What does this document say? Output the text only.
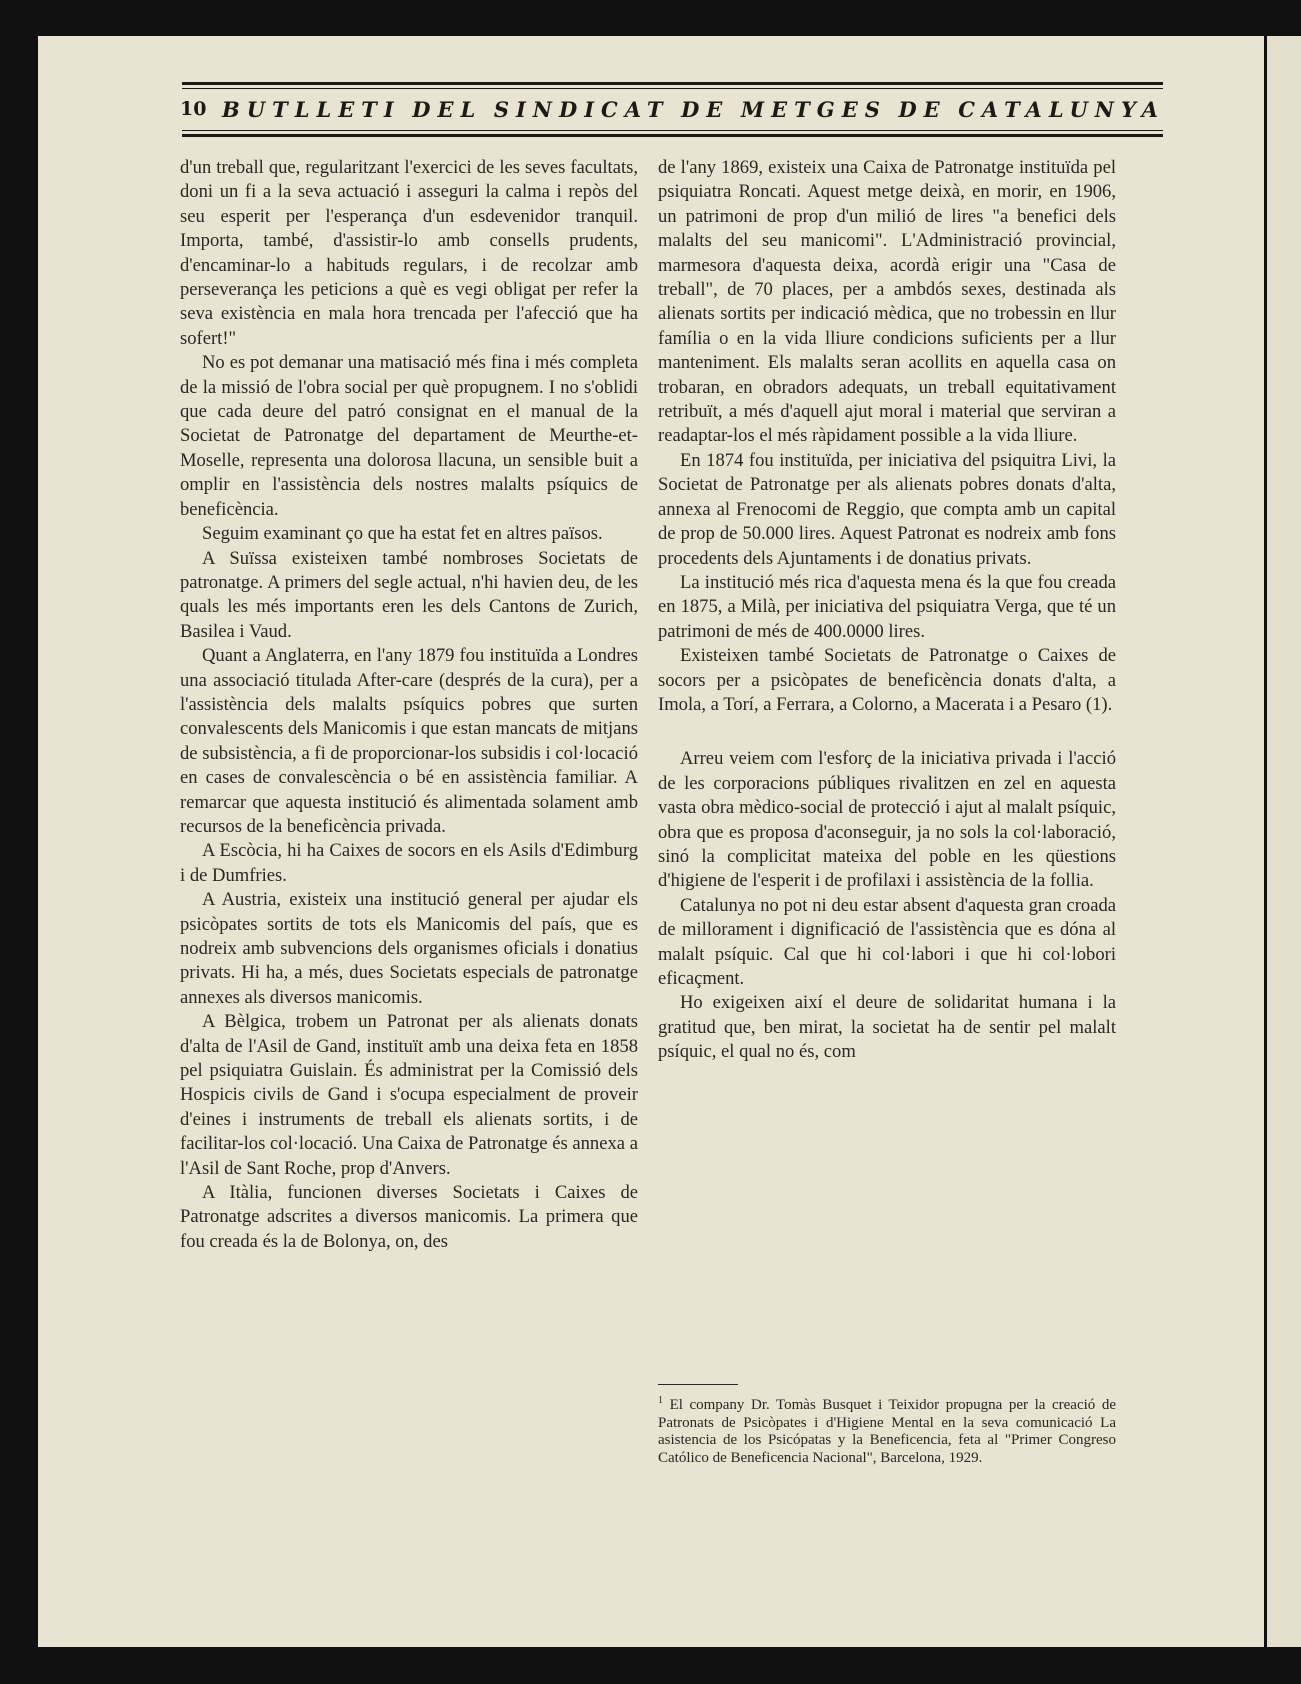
10 BUTLLETI DEL SINDICAT DE METGES DE CATALUNYA

d'un treball que, regularitzant l'exercici de les seves facultats, doni un fi a la seva actuació i asseguri la calma i repòs del seu esperit per l'esperança d'un esdevenidor tranquil. Importa, també, d'assistir-lo amb consells prudents, d'encaminar-lo a habituds regulars, i de recolzar amb perseverança les peticions a què es vegi obligat per refer la seva existència en mala hora trencada per l'afecció que ha sofert!"

No es pot demanar una matisació més fina i més completa de la missió de l'obra social per què propugnem. I no s'oblidi que cada deure del patró consignat en el manual de la Societat de Patronatge del departament de Meurthe-et-Moselle, representa una dolorosa llacuna, un sensible buit a omplir en l'assistència dels nostres malalts psíquics de beneficència.

Seguim examinant ço que ha estat fet en altres països.

A Suïssa existeixen també nombroses Societats de patronatge. A primers del segle actual, n'hi havien deu, de les quals les més importants eren les dels Cantons de Zurich, Basilea i Vaud.

Quant a Anglaterra, en l'any 1879 fou instituïda a Londres una associació titulada After-care (després de la cura), per a l'assistència dels malalts psíquics pobres que surten convalescents dels Manicomis i que estan mancats de mitjans de subsistència, a fi de proporcionar-los subsidis i col·locació en cases de convalescència o bé en assistència familiar. A remarcar que aquesta institució és alimentada solament amb recursos de la beneficència privada.

A Escòcia, hi ha Caixes de socors en els Asils d'Edimburg i de Dumfries.

A Austria, existeix una institució general per ajudar els psicòpates sortits de tots els Manicomis del país, que es nodreix amb subvencions dels organismes oficials i donatius privats. Hi ha, a més, dues Societats especials de patronatge annexes als diversos manicomis.

A Bèlgica, trobem un Patronat per als alienats donats d'alta de l'Asil de Gand, instituït amb una deixa feta en 1858 pel psiquiatra Guislain. És administrat per la Comissió dels Hospicis civils de Gand i s'ocupa especialment de proveir d'eines i instruments de treball els alienats sortits, i de facilitar-los col·locació. Una Caixa de Patronatge és annexa a l'Asil de Sant Roche, prop d'Anvers.

A Itàlia, funcionen diverses Societats i Caixes de Patronatge adscrites a diversos manicomis. La primera que fou creada és la de Bolonya, on, des

de l'any 1869, existeix una Caixa de Patronatge instituïda pel psiquiatra Roncati. Aquest metge deixà, en morir, en 1906, un patrimoni de prop d'un milió de lires "a benefici dels malalts del seu manicomi". L'Administració provincial, marmesora d'aquesta deixa, acordà erigir una "Casa de treball", de 70 places, per a ambdós sexes, destinada als alienats sortits per indicació mèdica, que no trobessin en llur família o en la vida lliure condicions suficients per a llur manteniment. Els malalts seran acollits en aquella casa on trobaran, en obradors adequats, un treball equitativament retribuït, a més d'aquell ajut moral i material que serviran a readaptar-los el més ràpidament possible a la vida lliure.

En 1874 fou instituïda, per iniciativa del psiquitra Livi, la Societat de Patronatge per als alienats pobres donats d'alta, annexa al Frenocomi de Reggio, que compta amb un capital de prop de 50.000 lires. Aquest Patronat es nodreix amb fons procedents dels Ajuntaments i de donatius privats.

La institució més rica d'aquesta mena és la que fou creada en 1875, a Milà, per iniciativa del psiquiatra Verga, que té un patrimoni de més de 400.0000 lires.

Existeixen també Societats de Patronatge o Caixes de socors per a psicòpates de beneficència donats d'alta, a Imola, a Torí, a Ferrara, a Colorno, a Macerata i a Pesaro (1).

Arreu veiem com l'esforç de la iniciativa privada i l'acció de les corporacions públiques rivalitzen en zel en aquesta vasta obra mèdico-social de protecció i ajut al malalt psíquic, obra que es proposa d'aconseguir, ja no sols la col·laboració, sinó la complicitat mateixa del poble en les qüestions d'higiene de l'esperit i de profilaxi i assistència de la follia.

Catalunya no pot ni deu estar absent d'aquesta gran croada de millorament i dignificació de l'assistència que es dóna al malalt psíquic. Cal que hi col·labori i que hi col·lobori eficaçment.

Ho exigeixen així el deure de solidaritat humana i la gratitud que, ben mirat, la societat ha de sentir pel malalt psíquic, el qual no és, com

$^1$ El company Dr. Tomàs Busquet i Teixidor propugna per la creació de Patronats de Psicòpates i d'Higiene Mental en la seva comunicació La asistencia de los Psicópatas y la Beneficencia, feta al "Primer Congreso Católico de Beneficencia Nacional", Barcelona, 1929.
